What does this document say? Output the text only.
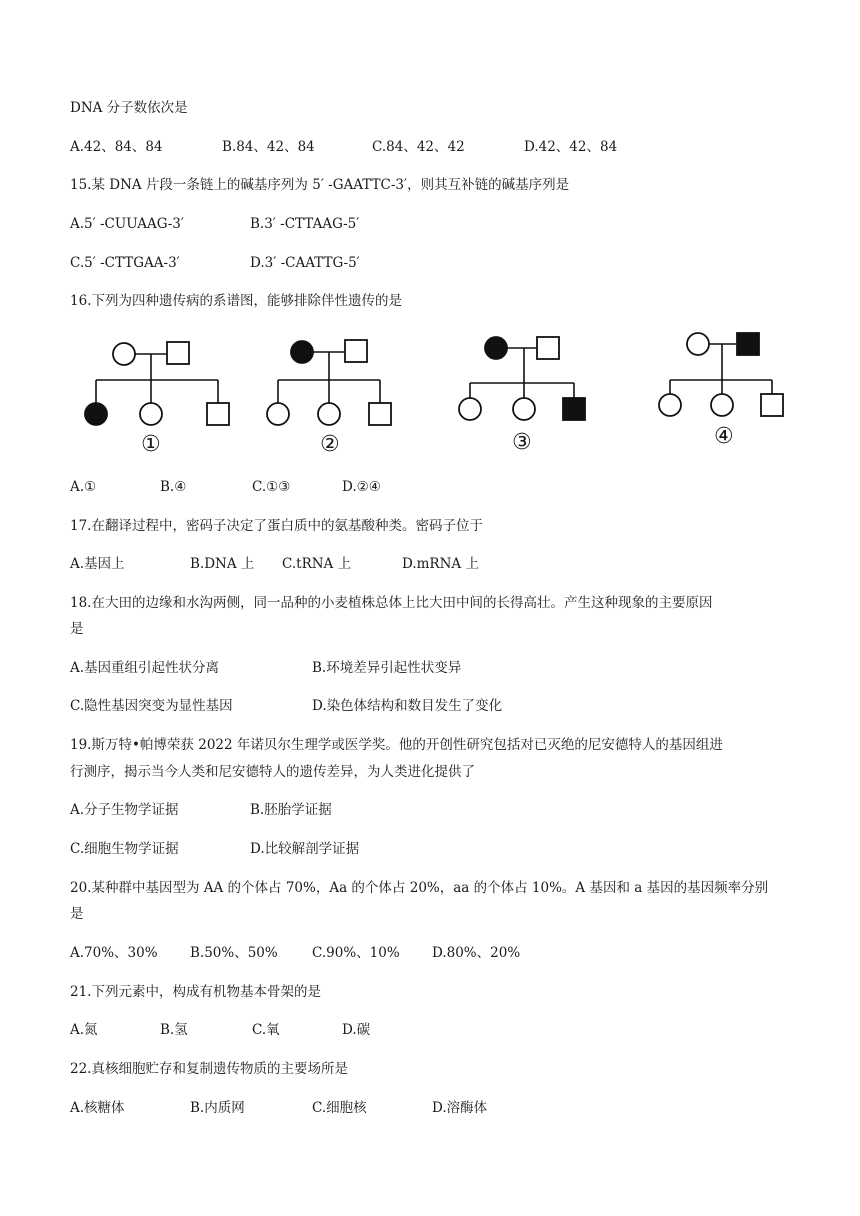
DNA 分子数依次是
A.42、84、84	B.84、42、84	C.84、42、42	D.42、42、84
15.某 DNA 片段一条链上的碱基序列为 5′ -GAATTC-3′，则其互补链的碱基序列是
A.5′ -CUUAAG-3′	B.3′ -CTTAAG-5′
C.5′ -CTTGAA-3′	D.3′ -CAATTG-5′
16.下列为四种遗传病的系谱图，能够排除伴性遗传的是
①	②	③	④
A.①	B.④	C.①③	D.②④
17.在翻译过程中，密码子决定了蛋白质中的氨基酸种类。密码子位于
A.基因上	B.DNA 上 C.tRNA 上	D.mRNA 上
18.在大田的边缘和水沟两侧，同一品种的小麦植株总体上比大田中间的长得高壮。产生这种现象的主要原因
是
A.基因重组引起性状分离	B.环境差异引起性状变异
C.隐性基因突变为显性基因	D.染色体结构和数目发生了变化
19.斯万特•帕博荣获 2022 年诺贝尔生理学或医学奖。他的开创性研究包括对已灭绝的尼安德特人的基因组进
行测序，揭示当今人类和尼安德特人的遗传差异，为人类进化提供了
A.分子生物学证据	B.胚胎学证据
C.细胞生物学证据	D.比较解剖学证据
20.某种群中基因型为 AA 的个体占 70%，Aa 的个体占 20%，aa 的个体占 10%。A 基因和 a 基因的基因频率分别
是
A.70%、30% B.50%、50%	C.90%、10% D.80%、20%
21.下列元素中，构成有机物基本骨架的是
A.氮	B.氢	C.氧	D.碳
22.真核细胞贮存和复制遗传物质的主要场所是
A.核糖体	B.内质网	C.细胞核	D.溶酶体
